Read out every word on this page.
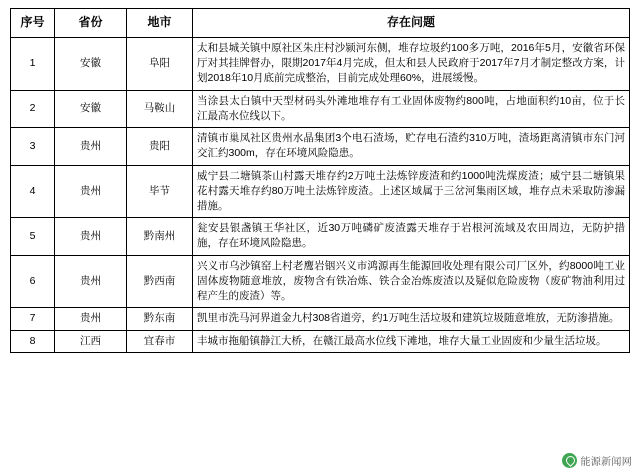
序号	省份	地市	存在问题
1	安徽	阜阳	太和县城关镇中原社区朱庄村沙颍河东侧，堆存垃圾约100多万吨，2016年5月，安徽省环保厅对其挂牌督办，限期2017年4月完成，但太和县人民政府于2017年7月才制定整改方案，计划2018年10月底前完成整治，目前完成处理60%，进展缓慢。
2	安徽	马鞍山	当涂县太白镇中天型材码头外滩地堆存有工业固体废物约800吨，占地面积约10亩，位于长江最高水位线以下。
3	贵州	贵阳	清镇市巢凤社区贵州水晶集团3个电石渣场，贮存电石渣约310万吨，渣场距离清镇市东门河交汇约300m，存在环境风险隐患。
4	贵州	毕节	威宁县二塘镇茶山村露天堆存约2万吨土法炼锌废渣和约1000吨洗煤废渣；威宁县二塘镇果花村露天堆存约80万吨土法炼锌废渣。上述区域属于三岔河集雨区域，堆存点未采取防渗漏措施。
5	贵州	黔南州	瓮安县银盏镇王华社区，近30万吨磷矿废渣露天堆存于岩根河流域及农田周边，无防护措施，存在环境风险隐患。
6	贵州	黔西南	兴义市乌沙镇窑上村老鹰岩铟兴义市鸿源再生能源回收处理有限公司厂区外，约8000吨工业固体废物随意堆放，废物含有铁冶炼、铁合金冶炼废渣以及疑似危险废物（废矿物油利用过程产生的废渣）等。
7	贵州	黔东南	凯里市洗马河界道金九村308省道旁，约1万吨生活垃圾和建筑垃圾随意堆放，无防渗措施。
8	江西	宜春市	丰城市拖船镇静江大桥，在赣江最高水位线下滩地，堆存大量工业固废和少量生活垃圾。
能源新闻网
